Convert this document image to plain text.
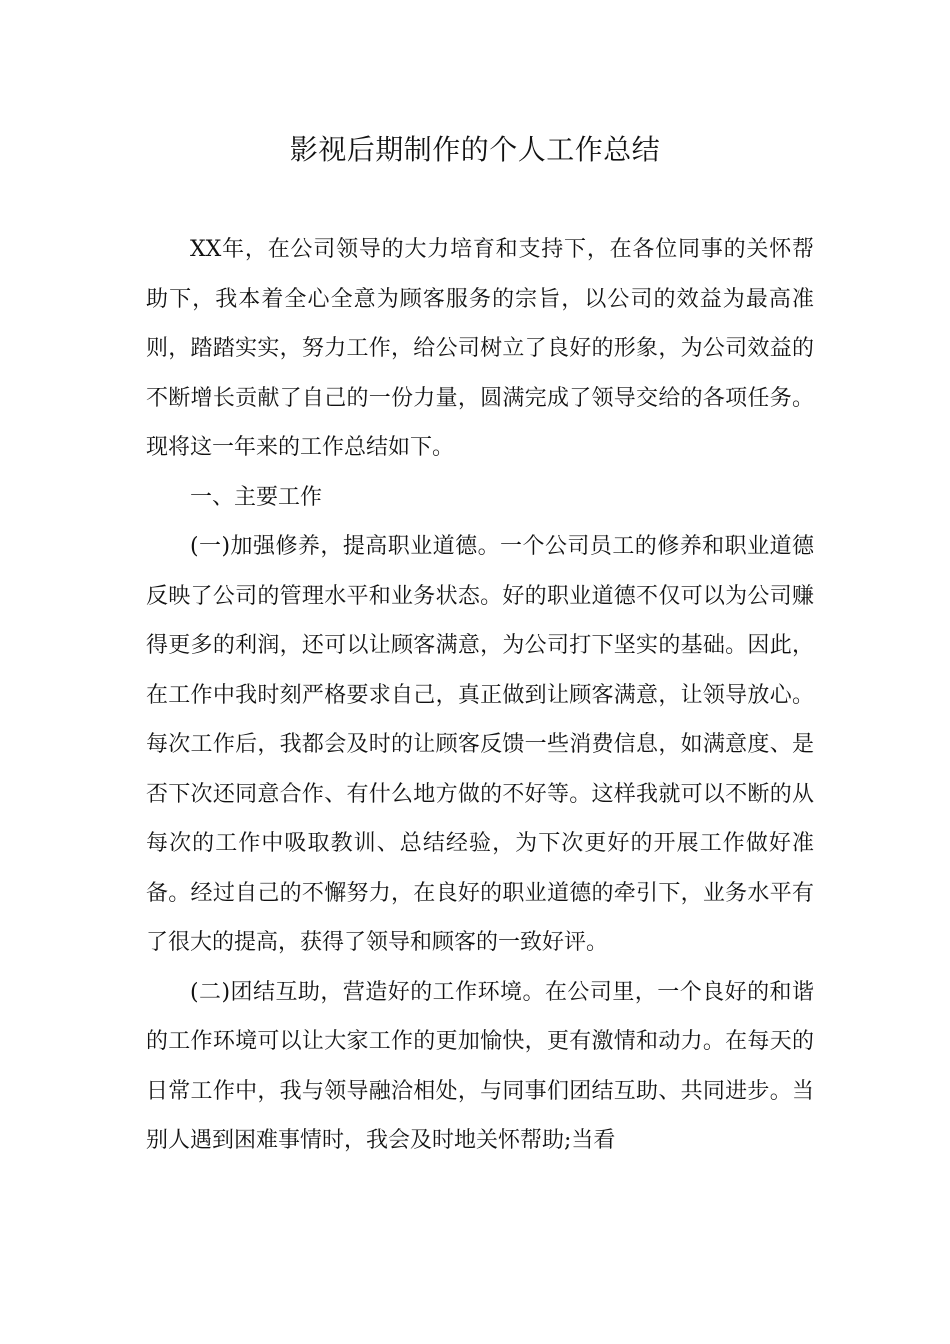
影视后期制作的个人工作总结

XX年，在公司领导的大力培育和支持下，在各位同事的关怀帮助下，我本着全心全意为顾客服务的宗旨，以公司的效益为最高准则，踏踏实实，努力工作，给公司树立了良好的形象，为公司效益的不断增长贡献了自己的一份力量，圆满完成了领导交给的各项任务。现将这一年来的工作总结如下。

一、主要工作

(一)加强修养，提高职业道德。一个公司员工的修养和职业道德反映了公司的管理水平和业务状态。好的职业道德不仅可以为公司赚得更多的利润，还可以让顾客满意，为公司打下坚实的基础。因此，在工作中我时刻严格要求自己，真正做到让顾客满意，让领导放心。每次工作后，我都会及时的让顾客反馈一些消费信息，如满意度、是否下次还同意合作、有什么地方做的不好等。这样我就可以不断的从每次的工作中吸取教训、总结经验，为下次更好的开展工作做好准备。经过自己的不懈努力，在良好的职业道德的牵引下，业务水平有了很大的提高，获得了领导和顾客的一致好评。

(二)团结互助，营造好的工作环境。在公司里，一个良好的和谐的工作环境可以让大家工作的更加愉快，更有激情和动力。在每天的日常工作中，我与领导融洽相处，与同事们团结互助、共同进步。当别人遇到困难事情时，我会及时地关怀帮助;当看
